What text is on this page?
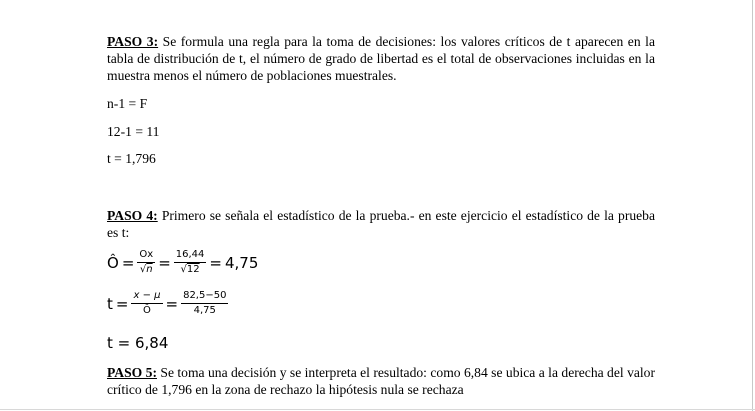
PASO 3: Se formula una regla para la toma de decisiones: los valores críticos de t aparecen en la tabla de distribución de t, el número de grado de libertad es el total de observaciones incluidas en la muestra menos el número de poblaciones muestrales.

n-1 = F

12-1 = 11

t = 1,796

PASO 4: Primero se señala el estadístico de la prueba.- en este ejercicio el estadístico de la prueba es t:

Ô = $\frac{Ox}{√n} = \frac{16,44}{√12} = 4,75$
$t = \frac{x - \mu}{Ô} = \frac{82,5-50}{4,75}$
t = 6,84

PASO 5: Se toma una decisión y se interpreta el resultado: como 6,84 se ubica a la derecha del valor crítico de 1,796 en la zona de rechazo la hipótesis nula se rechaza
